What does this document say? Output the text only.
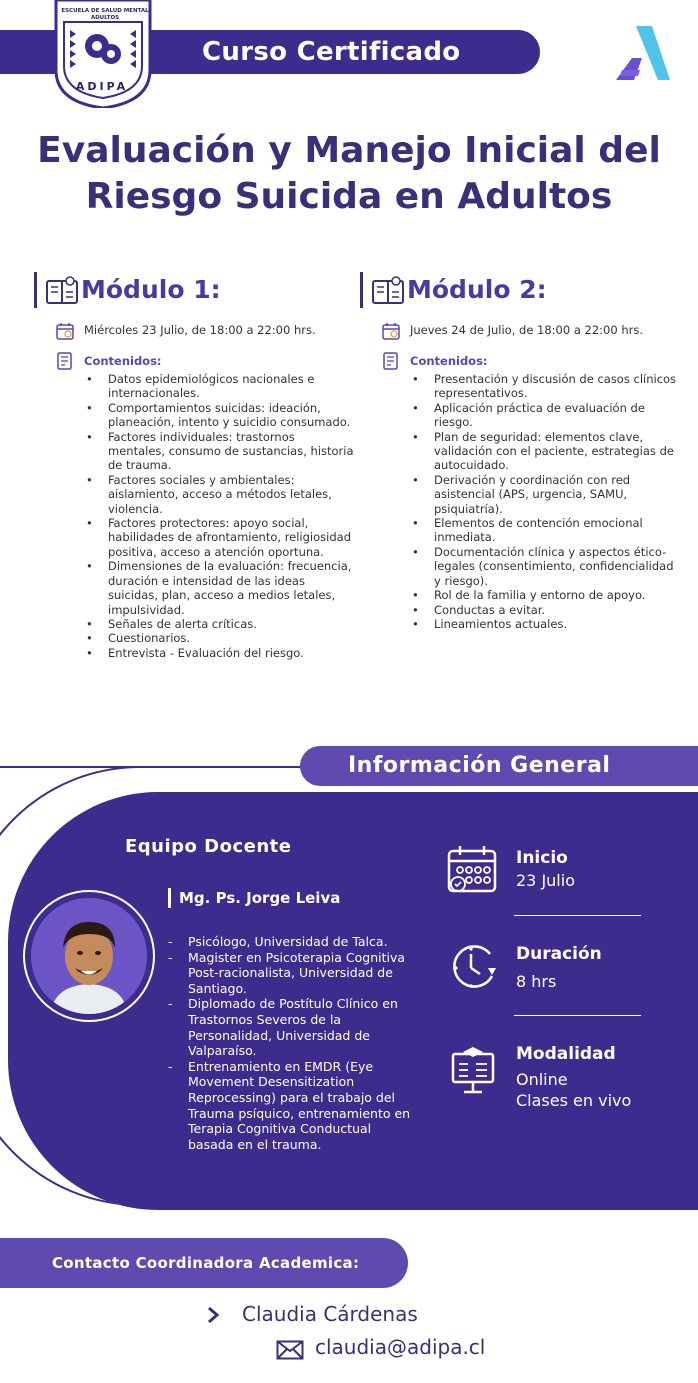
Curso Certificado
ESCUELA DE SALUD MENTAL ADULTOS
ADIPA
Evaluación y Manejo Inicial del
Riesgo Suicida en Adultos
Módulo 1:
Miércoles 23 Julio, de 18:00 a 22:00 hrs.
Contenidos:
• Datos epidemiológicos nacionales e internacionales.
• Comportamientos suicidas: ideación, planeación, intento y suicidio consumado.
• Factores individuales: trastornos mentales, consumo de sustancias, historia de trauma.
• Factores sociales y ambientales: aislamiento, acceso a métodos letales, violencia.
• Factores protectores: apoyo social, habilidades de afrontamiento, religiosidad positiva, acceso a atención oportuna.
• Dimensiones de la evaluación: frecuencia, duración e intensidad de las ideas suicidas, plan, acceso a medios letales, impulsividad.
• Señales de alerta críticas.
• Cuestionarios.
• Entrevista - Evaluación del riesgo.
Módulo 2:
Jueves 24 de Julio, de 18:00 a 22:00 hrs.
Contenidos:
• Presentación y discusión de casos clínicos representativos.
• Aplicación práctica de evaluación de riesgo.
• Plan de seguridad: elementos clave, validación con el paciente, estrategias de autocuidado.
• Derivación y coordinación con red asistencial (APS, urgencia, SAMU, psiquiatría).
• Elementos de contención emocional inmediata.
• Documentación clínica y aspectos ético-legales (consentimiento, confidencialidad y riesgo).
• Rol de la familia y entorno de apoyo.
• Conductas a evitar.
• Lineamientos actuales.
Información General
Equipo Docente
Mg. Ps. Jorge Leiva
- Psicólogo, Universidad de Talca.
- Magister en Psicoterapia Cognitiva Post-racionalista, Universidad de Santiago.
- Diplomado de Postítulo Clínico en Trastornos Severos de la Personalidad, Universidad de Valparaíso.
- Entrenamiento en EMDR (Eye Movement Desensitization Reprocessing) para el trabajo del Trauma psíquico, entrenamiento en Terapia Cognitiva Conductual basada en el trauma.
Inicio
23 Julio
Duración
8 hrs
Modalidad
Online
Clases en vivo
Contacto Coordinadora Academica:
Claudia Cárdenas
claudia@adipa.cl
